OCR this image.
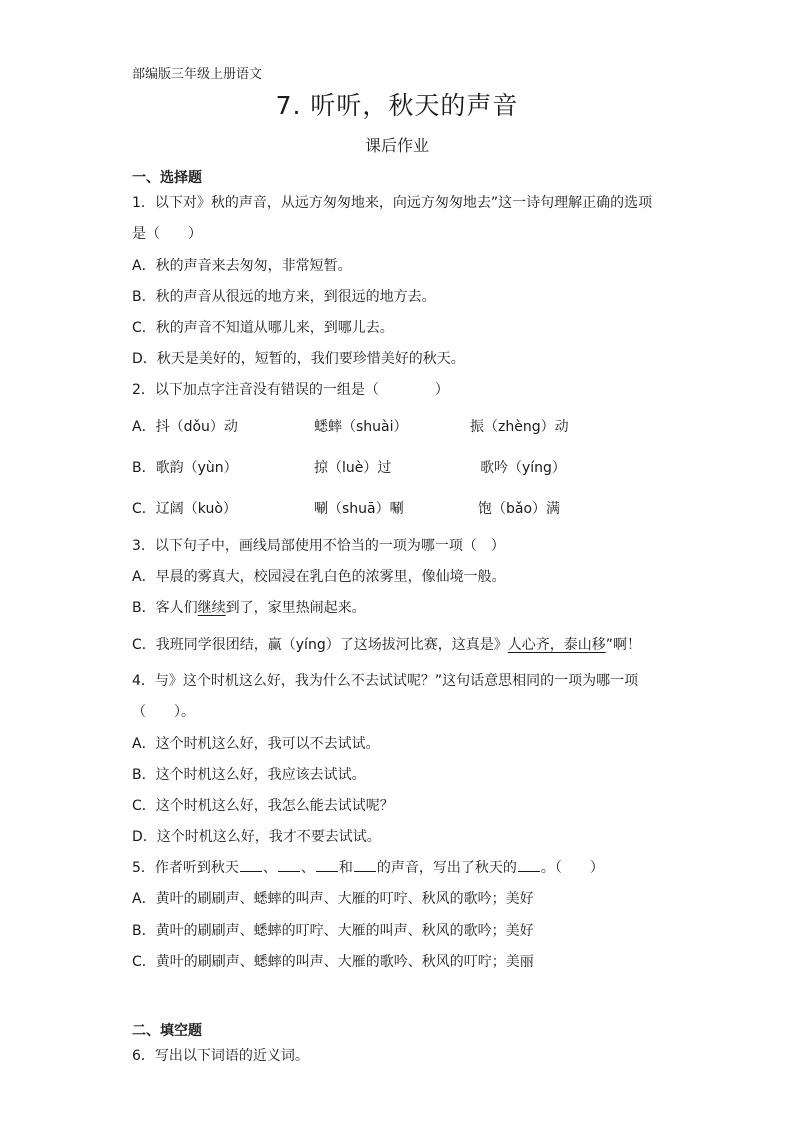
部编版三年级上册语文
7. 听听，秋天的声音
课后作业
一、选择题
1．以下对》秋的声音，从远方匆匆地来，向远方匆匆地去”这一诗句理解正确的选项
是（　　）
A．秋的声音来去匆匆，非常短暂。
B．秋的声音从很远的地方来，到很远的地方去。
C．秋的声音不知道从哪儿来，到哪儿去。
D．秋天是美好的，短暂的，我们要珍惜美好的秋天。
2．以下加点字注音没有错误的一组是（　　　　）
A．抖（dǒu）动	蟋蟀（shuài）	振（zhèng）动
B．歌韵（yùn）	掠（luè）过	歌吟（yíng）
C．辽阔（kuò）	唰（shuā）唰	饱（bǎo）满
3．以下句子中，画线局部使用不恰当的一项为哪一项（　）
A．早晨的雾真大，校园浸在乳白色的浓雾里，像仙境一般。
B．客人们继续到了，家里热闹起来。
C．我班同学很团结，赢（yíng）了这场拔河比赛，这真是》人心齐，泰山移”啊！
4．与》这个时机这么好，我为什么不去试试呢？”这句话意思相同的一项为哪一项
（　　）。
A．这个时机这么好，我可以不去试试。
B．这个时机这么好，我应该去试试。
C．这个时机这么好，我怎么能去试试呢？
D．这个时机这么好，我才不要去试试。
5．作者听到秋天 、 、 和 的声音，写出了秋天的 。（　　）
A．黄叶的刷刷声、蟋蟀的叫声、大雁的叮咛、秋风的歌吟；美好
B．黄叶的刷刷声、蟋蟀的叮咛、大雁的叫声、秋风的歌吟；美好
C．黄叶的刷刷声、蟋蟀的叫声、大雁的歌吟、秋风的叮咛；美丽
二、填空题
6．写出以下词语的近义词。
